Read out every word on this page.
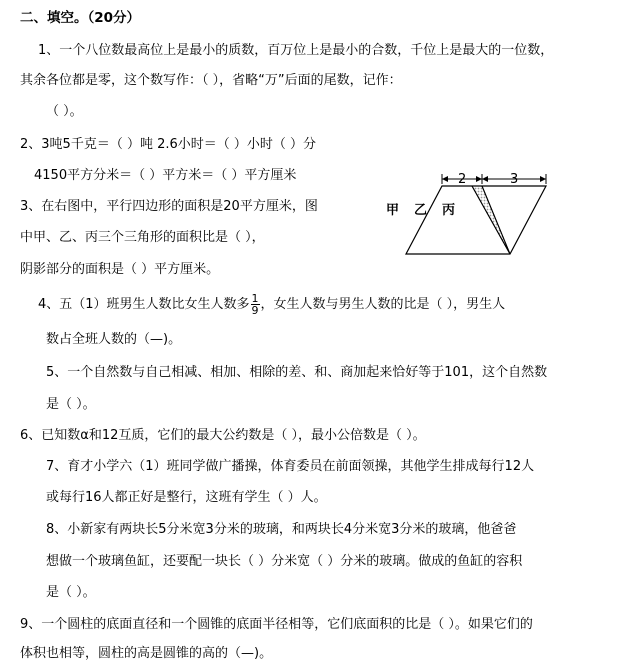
二、填空。（20分）
1、一个八位数最高位上是最小的质数，百万位上是最小的合数，千位上是最大的一位数，
其余各位都是零，这个数写作：（ ），省略“万”后面的尾数，记作：
（ ）。
2、3吨5千克＝（ ）吨 2.6小时＝（ ）小时（ ）分
4150平方分米＝（ ）平方米＝（ ）平方厘米
3、在右图中，平行四边形的面积是20平方厘米，图
中甲、乙、丙三个三角形的面积比是（ ），
阴影部分的面积是（ ）平方厘米。
2	3
甲 乙 丙
4、五（1）班男生人数比女生人数多 $\frac{1}{9}$ ，女生人数与男生人数的比是（ ），男生人
数占全班人数的（—)。
5、一个自然数与自己相减、相加、相除的差、和、商加起来恰好等于101，这个自然数
是（ ）。
6、已知数α和12互质，它们的最大公约数是（ ），最小公倍数是（ ）。
7、育才小学六（1）班同学做广播操，体育委员在前面领操，其他学生排成每行12人
或每行16人都正好是整行，这班有学生（ ）人。
8、小新家有两块长5分米宽3分米的玻璃，和两块长4分米宽3分米的玻璃，他爸爸
想做一个玻璃鱼缸，还要配一块长（ ）分米宽（ ）分米的玻璃。做成的鱼缸的容积
是（ ）。
9、一个圆柱的底面直径和一个圆锥的底面半径相等，它们底面积的比是（ ）。如果它们的
体积也相等，圆柱的高是圆锥的高的（—)。
